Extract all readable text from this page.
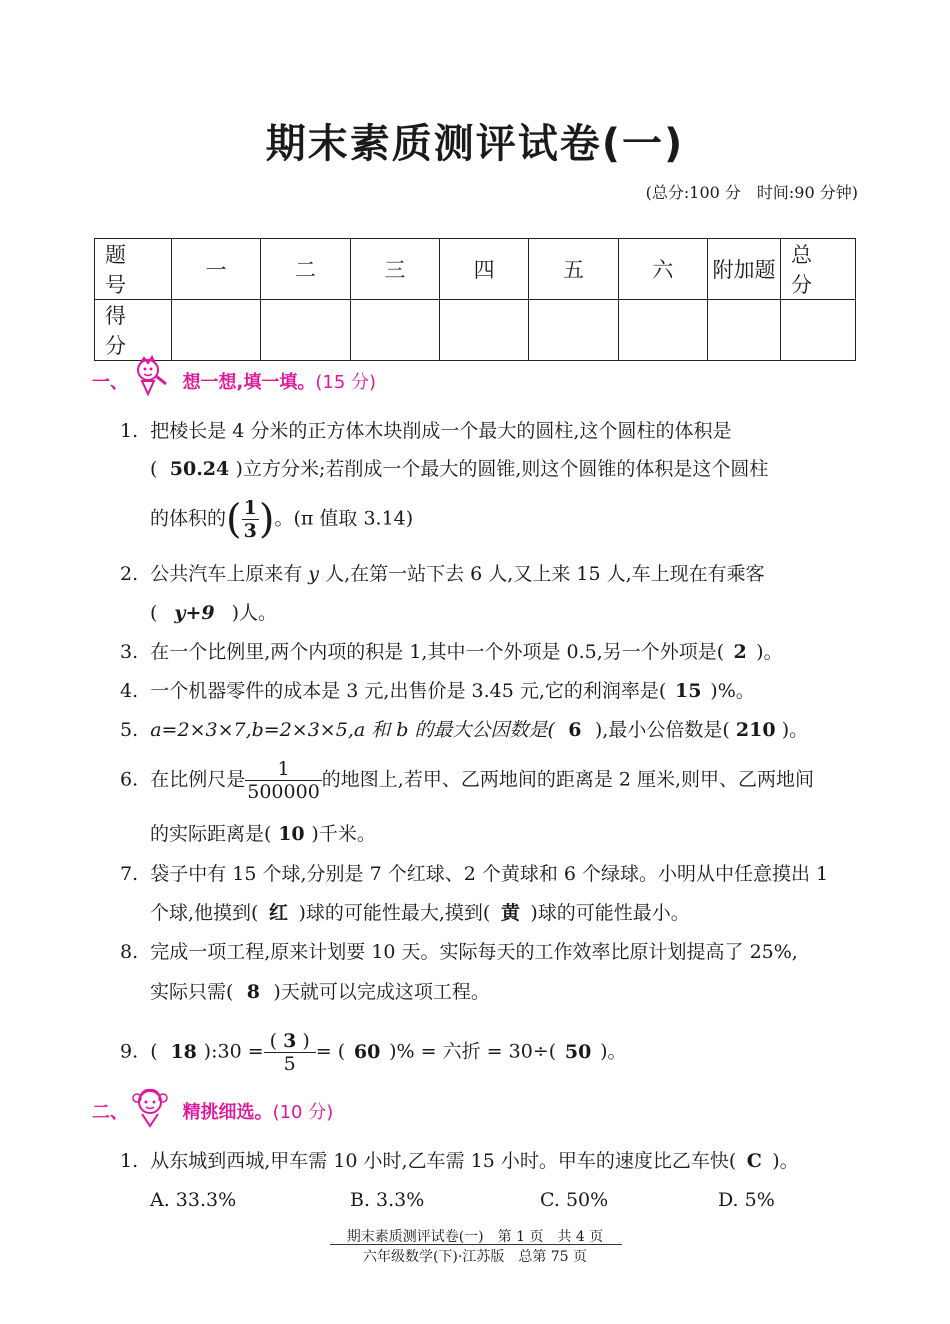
期末素质测评试卷(一)
(总分:100 分　时间:90 分钟)
题　号	一	二	三	四	五	六	附加题	总　分
得　分								
一、	想一想,填一填。(15 分)
1. 把棱长是 4 分米的正方体木块削成一个最大的圆柱,这个圆柱的体积是
(  50.24 )立方分米;若削成一个最大的圆锥,则这个圆锥的体积是这个圆柱
的体积的( $\frac{1}{3}$ )。(π 值取 3.14)
2. 公共汽车上原来有 y 人,在第一站下去 6 人,又上来 15 人,车上现在有乘客
(  y+9 )人。
3. 在一个比例里,两个内项的积是 1,其中一个外项是 0.5,另一个外项是( 2 )。
4. 一个机器零件的成本是 3 元,出售价是 3.45 元,它的利润率是( 15 )%。
5. a=2×3×7,b=2×3×5,a 和 b 的最大公因数是( 6 ),最小公倍数是( 210 )。
6. 在比例尺是 $\frac{1}{500000}$ 的地图上,若甲、乙两地间的距离是 2 厘米,则甲、乙两地间
的实际距离是( 10 )千米。
7. 袋子中有 15 个球,分别是 7 个红球、2 个黄球和 6 个绿球。小明从中任意摸出 1
个球,他摸到( 红 )球的可能性最大,摸到( 黄 )球的可能性最小。
8. 完成一项工程,原来计划要 10 天。实际每天的工作效率比原计划提高了 25%,
实际只需( 8 )天就可以完成这项工程。
9.  ( 18 ):30 = $\frac{( 3 )}{5}$ = ( 60 )% = 六折 = 30÷( 50 )。
二、	精挑细选。(10 分)
1. 从东城到西城,甲车需 10 小时,乙车需 15 小时。甲车的速度比乙车快( C )。
A. 33.3%	B. 3.3%	C. 50%	D. 5%
期末素质测评试卷(一)　第 1 页　共 4 页
六年级数学(下)·江苏版　总第 75 页
